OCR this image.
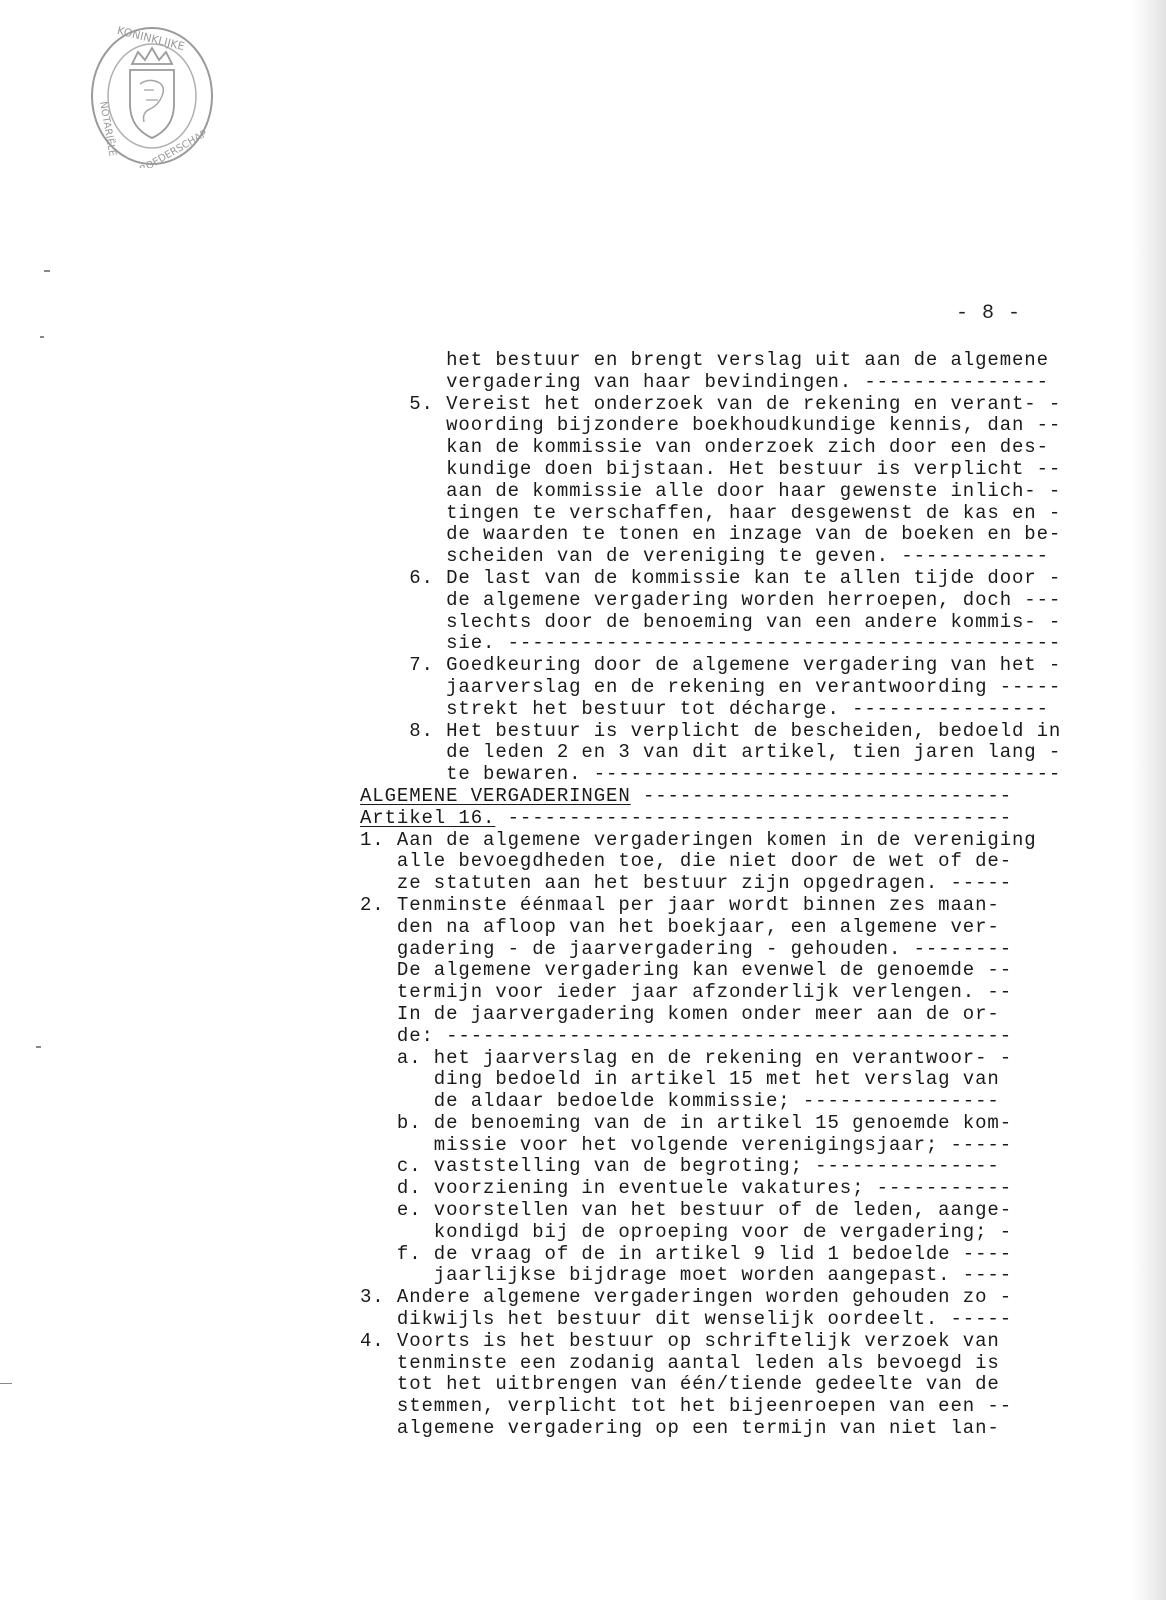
KONINKLIJKE
NOTARIËLE BROEDERSCHAP
- 8 -
het bestuur en brengt verslag uit aan de algemene
vergadering van haar bevindingen. ---------------
5. Vereist het onderzoek van de rekening en verant- -
woording bijzondere boekhoudkundige kennis, dan --
kan de kommissie van onderzoek zich door een des-
kundige doen bijstaan. Het bestuur is verplicht --
aan de kommissie alle door haar gewenste inlich- -
tingen te verschaffen, haar desgewenst de kas en -
de waarden te tonen en inzage van de boeken en be-
scheiden van de vereniging te geven. ------------
6. De last van de kommissie kan te allen tijde door -
de algemene vergadering worden herroepen, doch ---
slechts door de benoeming van een andere kommis- -
sie. ---------------------------------------------
7. Goedkeuring door de algemene vergadering van het -
jaarverslag en de rekening en verantwoording -----
strekt het bestuur tot décharge. ----------------
8. Het bestuur is verplicht de bescheiden, bedoeld in
de leden 2 en 3 van dit artikel, tien jaren lang -
te bewaren. --------------------------------------
ALGEMENE VERGADERINGEN ------------------------------
Artikel 16. -----------------------------------------
1. Aan de algemene vergaderingen komen in de vereniging
alle bevoegdheden toe, die niet door de wet of de-
ze statuten aan het bestuur zijn opgedragen. -----
2. Tenminste éénmaal per jaar wordt binnen zes maan-
den na afloop van het boekjaar, een algemene ver-
gadering - de jaarvergadering - gehouden. --------
De algemene vergadering kan evenwel de genoemde --
termijn voor ieder jaar afzonderlijk verlengen. --
In de jaarvergadering komen onder meer aan de or-
de: ----------------------------------------------
a. het jaarverslag en de rekening en verantwoor- -
ding bedoeld in artikel 15 met het verslag van
de aldaar bedoelde kommissie; ----------------
b. de benoeming van de in artikel 15 genoemde kom-
missie voor het volgende verenigingsjaar; -----
c. vaststelling van de begroting; ---------------
d. voorziening in eventuele vakatures; -----------
e. voorstellen van het bestuur of de leden, aange-
kondigd bij de oproeping voor de vergadering; -
f. de vraag of de in artikel 9 lid 1 bedoelde ----
jaarlijkse bijdrage moet worden aangepast. ----
3. Andere algemene vergaderingen worden gehouden zo -
dikwijls het bestuur dit wenselijk oordeelt. -----
4. Voorts is het bestuur op schriftelijk verzoek van
tenminste een zodanig aantal leden als bevoegd is
tot het uitbrengen van één/tiende gedeelte van de
stemmen, verplicht tot het bijeenroepen van een --
algemene vergadering op een termijn van niet lan-
